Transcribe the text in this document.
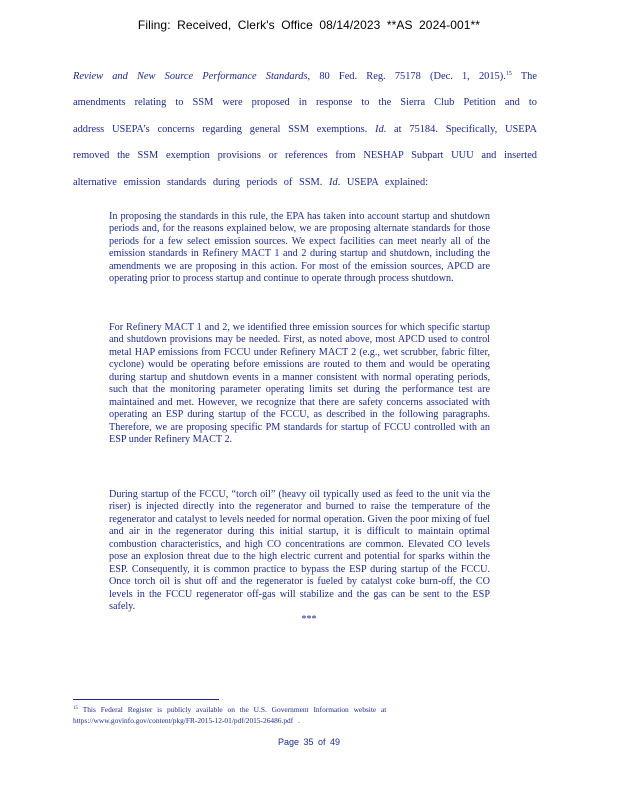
Filing: Received, Clerk's Office 08/14/2023 **AS 2024-001**
Review and New Source Performance Standards, 80 Fed. Reg. 75178 (Dec. 1, 2015).$^{15}$ The amendments relating to SSM were proposed in response to the Sierra Club Petition and to address USEPA’s concerns regarding general SSM exemptions. Id. at 75184. Specifically, USEPA removed the SSM exemption provisions or references from NESHAP Subpart UUU and inserted alternative emission standards during periods of SSM. Id. USEPA explained:

In proposing the standards in this rule, the EPA has taken into account startup and shutdown periods and, for the reasons explained below, we are proposing alternate standards for those periods for a few select emission sources. We expect facilities can meet nearly all of the emission standards in Refinery MACT 1 and 2 during startup and shutdown, including the amendments we are proposing in this action. For most of the emission sources, APCD are operating prior to process startup and continue to operate through process shutdown.

For Refinery MACT 1 and 2, we identified three emission sources for which specific startup and shutdown provisions may be needed. First, as noted above, most APCD used to control metal HAP emissions from FCCU under Refinery MACT 2 (e.g., wet scrubber, fabric filter, cyclone) would be operating before emissions are routed to them and would be operating during startup and shutdown events in a manner consistent with normal operating periods, such that the monitoring parameter operating limits set during the performance test are maintained and met. However, we recognize that there are safety concerns associated with operating an ESP during startup of the FCCU, as described in the following paragraphs. Therefore, we are proposing specific PM standards for startup of FCCU controlled with an ESP under Refinery MACT 2.

During startup of the FCCU, “torch oil” (heavy oil typically used as feed to the unit via the riser) is injected directly into the regenerator and burned to raise the temperature of the regenerator and catalyst to levels needed for normal operation. Given the poor mixing of fuel and air in the regenerator during this initial startup, it is difficult to maintain optimal combustion characteristics, and high CO concentrations are common. Elevated CO levels pose an explosion threat due to the high electric current and potential for sparks within the ESP. Consequently, it is common practice to bypass the ESP during startup of the FCCU. Once torch oil is shut off and the regenerator is fueled by catalyst coke burn-off, the CO levels in the FCCU regenerator off-gas will stabilize and the gas can be sent to the ESP safely.

***
$^{15}$ This Federal Register is publicly available on the U.S. Government Information website at https://www.govinfo.gov/content/pkg/FR-2015-12-01/pdf/2015-26486.pdf .
Page 35 of 49
